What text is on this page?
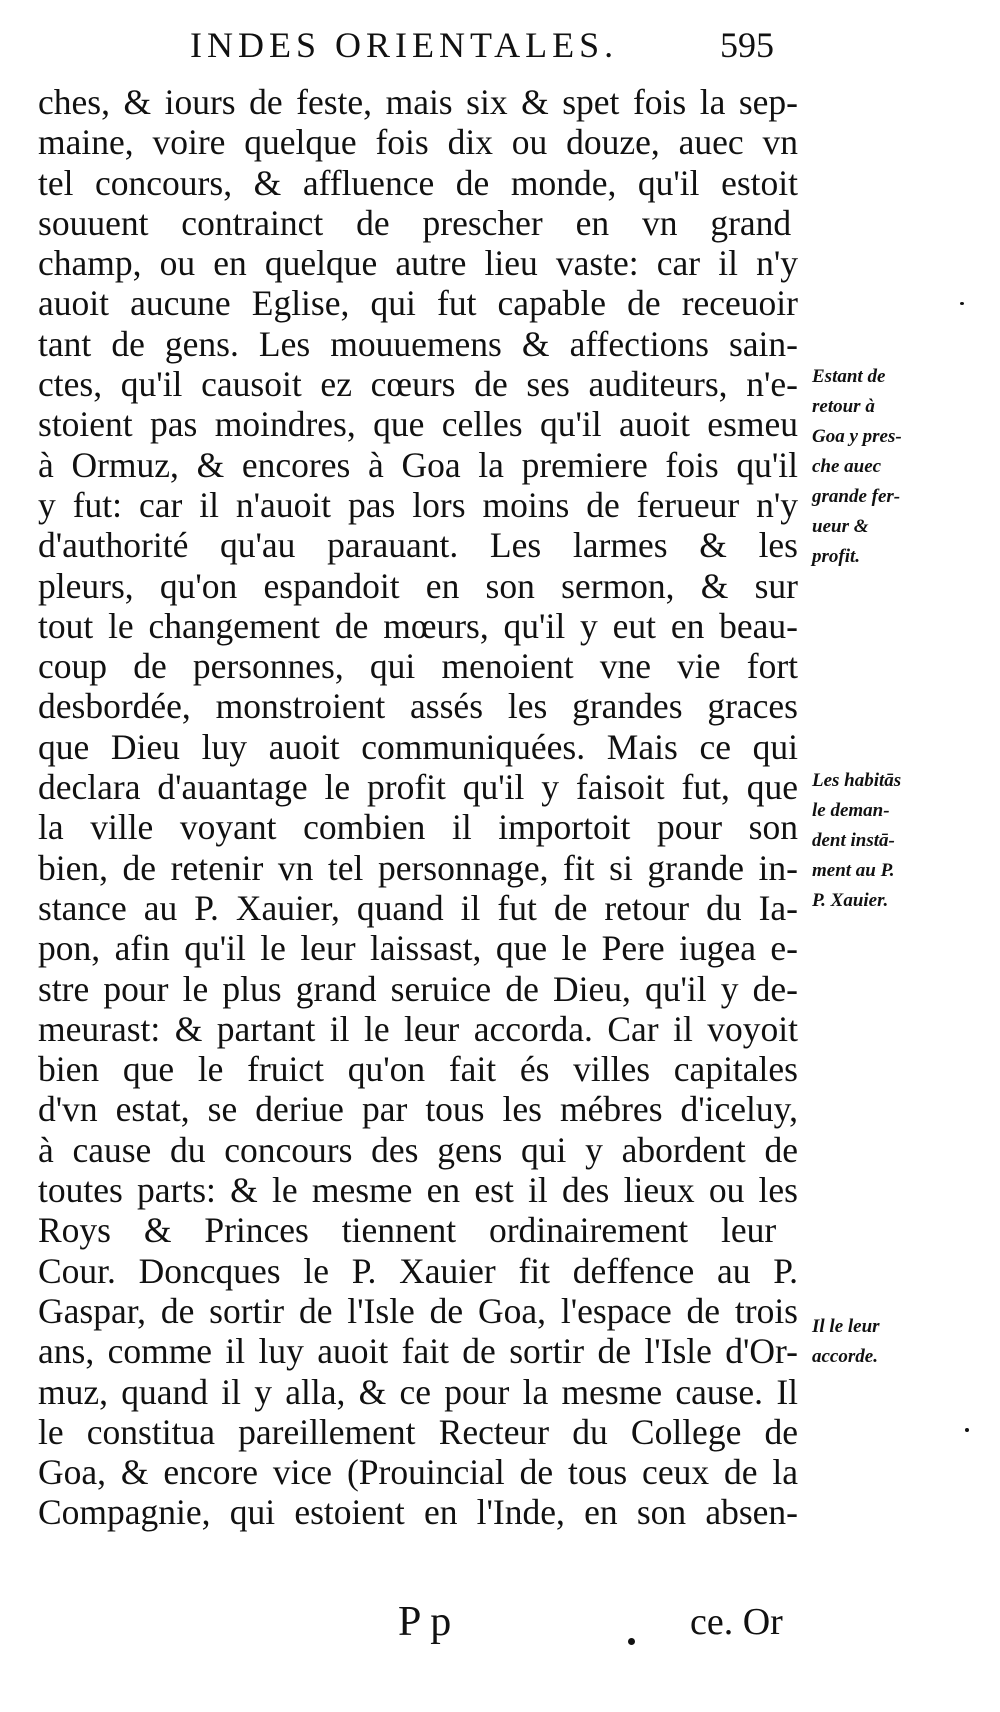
INDES ORIENTALES.	595
ches, & iours de feste, mais six & spet fois la sep-
maine, voire quelque fois dix ou douze, auec vn
tel concours, & affluence de monde, qu'il estoit
souuent contrainct de prescher en vn grand
champ, ou en quelque autre lieu vaste: car il n'y
auoit aucune Eglise, qui fut capable de receuoir
tant de gens. Les mouuemens & affections sain-
ctes, qu'il causoit ez cœurs de ses auditeurs, n'e-
stoient pas moindres, que celles qu'il auoit esmeu
à Ormuz, & encores à Goa la premiere fois qu'il
y fut: car il n'auoit pas lors moins de ferueur n'y
d'authorité qu'au parauant. Les larmes & les
pleurs, qu'on espandoit en son sermon, & sur
tout le changement de mœurs, qu'il y eut en beau-
coup de personnes, qui menoient vne vie fort
desbordée, monstroient assés les grandes graces
que Dieu luy auoit communiquées. Mais ce qui
declara d'auantage le profit qu'il y faisoit fut, que
la ville voyant combien il importoit pour son
bien, de retenir vn tel personnage, fit si grande in-
stance au P. Xauier, quand il fut de retour du Ia-
pon, afin qu'il le leur laissast, que le Pere iugea e-
stre pour le plus grand seruice de Dieu, qu'il y de-
meurast: & partant il le leur accorda. Car il voyoit
bien que le fruict qu'on fait és villes capitales
d'vn estat, se deriue par tous les mébres d'iceluy,
à cause du concours des gens qui y abordent de
toutes parts: & le mesme en est il des lieux ou les
Roys & Princes tiennent ordinairement leur
Cour. Doncques le P. Xauier fit deffence au P.
Gaspar, de sortir de l'Isle de Goa, l'espace de trois
ans, comme il luy auoit fait de sortir de l'Isle d'Or-
muz, quand il y alla, & ce pour la mesme cause. Il
le constitua pareillement Recteur du College de
Goa, & encore vice (Prouincial de tous ceux de la
Compagnie, qui estoient en l'Inde, en son absen-
Estant de
retour à
Goa y pres-
che auec
grande fer-
ueur &
profit.
Les habitās
le deman-
dent instā-
ment au P.
P. Xauier.
Il le leur
accorde.
P p	ce. Or
